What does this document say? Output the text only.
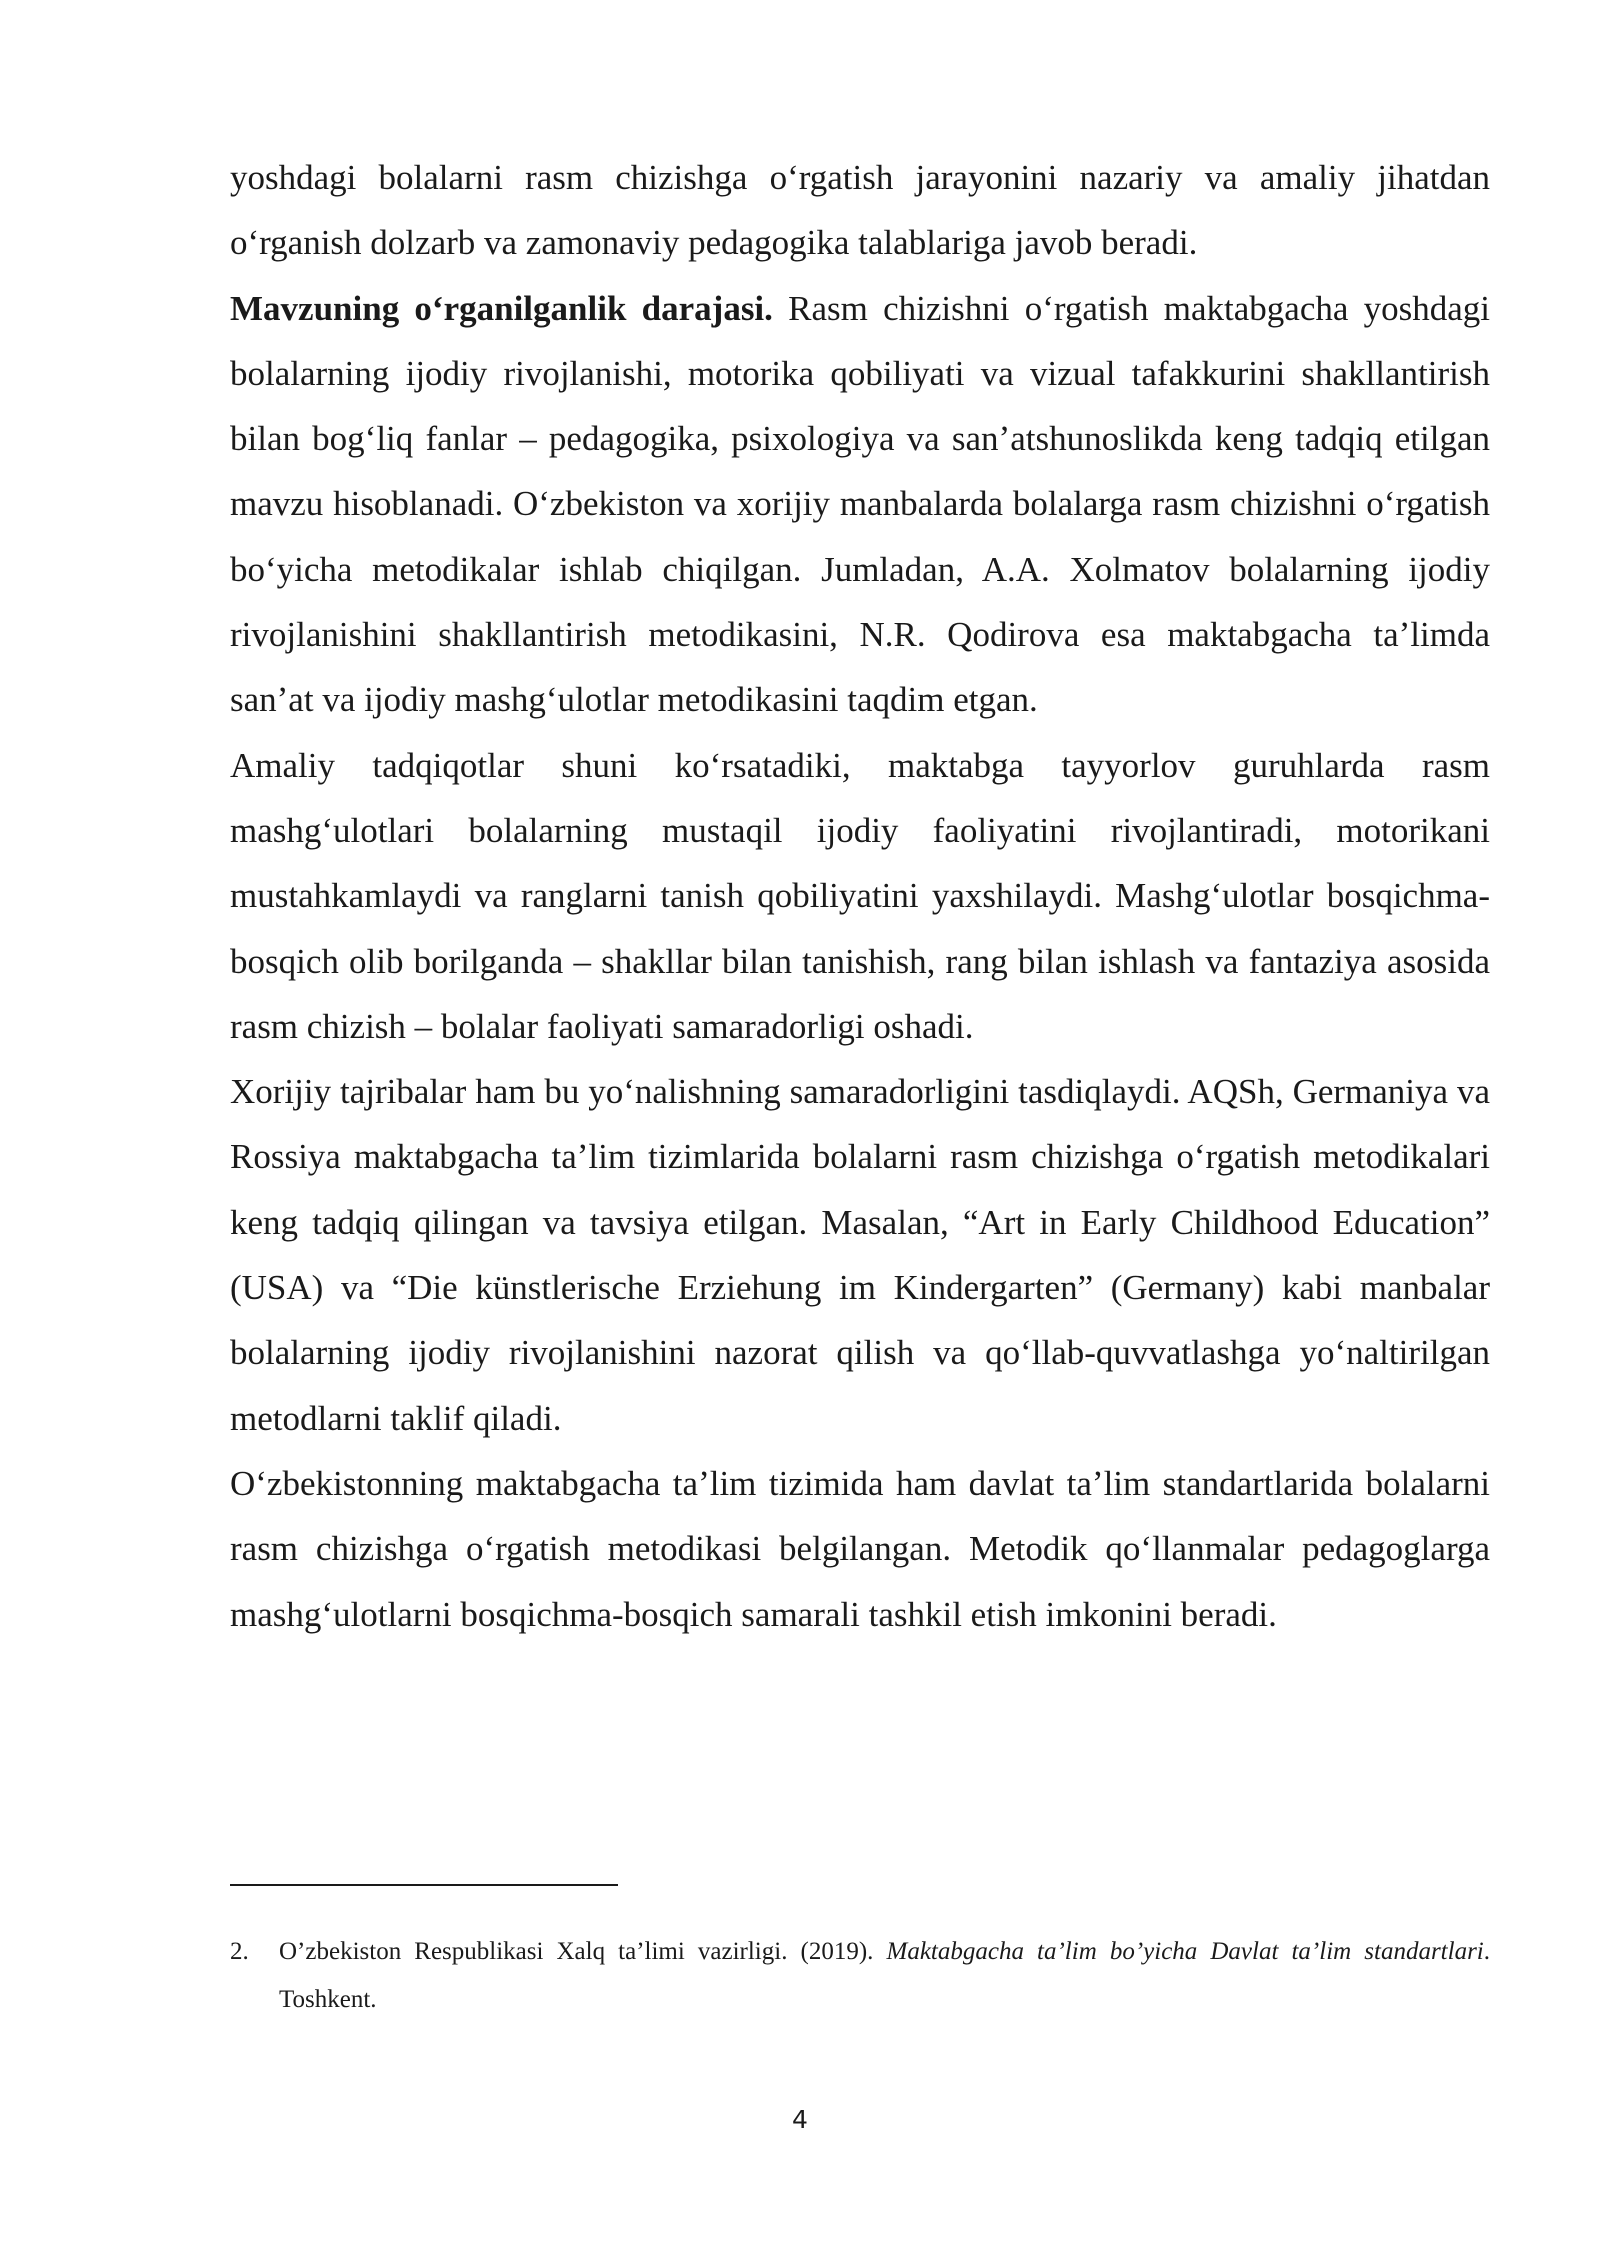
yoshdagi bolalarni rasm chizishga oʻrgatish jarayonini nazariy va amaliy jihatdan oʻrganish dolzarb va zamonaviy pedagogika talablariga javob beradi.

Mavzuning oʻrganilganlik darajasi. Rasm chizishni oʻrgatish maktabgacha yoshdagi bolalarning ijodiy rivojlanishi, motorika qobiliyati va vizual tafakkurini shakllantirish bilan bogʻliq fanlar – pedagogika, psixologiya va sanʼatshunoslikda keng tadqiq etilgan mavzu hisoblanadi. Oʻzbekiston va xorijiy manbalarda bolalarga rasm chizishni oʻrgatish boʻyicha metodikalar ishlab chiqilgan. Jumladan, A.A. Xolmatov bolalarning ijodiy rivojlanishini shakllantirish metodikasini, N.R. Qodirova esa maktabgacha taʼlimda sanʼat va ijodiy mashgʻulotlar metodikasini taqdim etgan.

Amaliy tadqiqotlar shuni koʻrsatadiki, maktabga tayyorlov guruhlarda rasm mashgʻulotlari bolalarning mustaqil ijodiy faoliyatini rivojlantiradi, motorikani mustahkamlaydi va ranglarni tanish qobiliyatini yaxshilaydi. Mashgʻulotlar bosqichma-bosqich olib borilganda – shakllar bilan tanishish, rang bilan ishlash va fantaziya asosida rasm chizish – bolalar faoliyati samaradorligi oshadi.

Xorijiy tajribalar ham bu yoʻnalishning samaradorligini tasdiqlaydi. AQSh, Germaniya va Rossiya maktabgacha taʼlim tizimlarida bolalarni rasm chizishga oʻrgatish metodikalari keng tadqiq qilingan va tavsiya etilgan. Masalan, “Art in Early Childhood Education” (USA) va “Die künstlerische Erziehung im Kindergarten” (Germany) kabi manbalar bolalarning ijodiy rivojlanishini nazorat qilish va qoʻllab-quvvatlashga yoʻnaltirilgan metodlarni taklif qiladi.

Oʻzbekistonning maktabgacha taʼlim tizimida ham davlat taʼlim standartlarida bolalarni rasm chizishga oʻrgatish metodikasi belgilangan. Metodik qoʻllanmalar pedagoglarga mashgʻulotlarni bosqichma-bosqich samarali tashkil etish imkonini beradi.

2. O’zbekiston Respublikasi Xalq ta’limi vazirligi. (2019). Maktabgacha ta’lim bo’yicha Davlat ta’lim standartlari. Toshkent.
4
